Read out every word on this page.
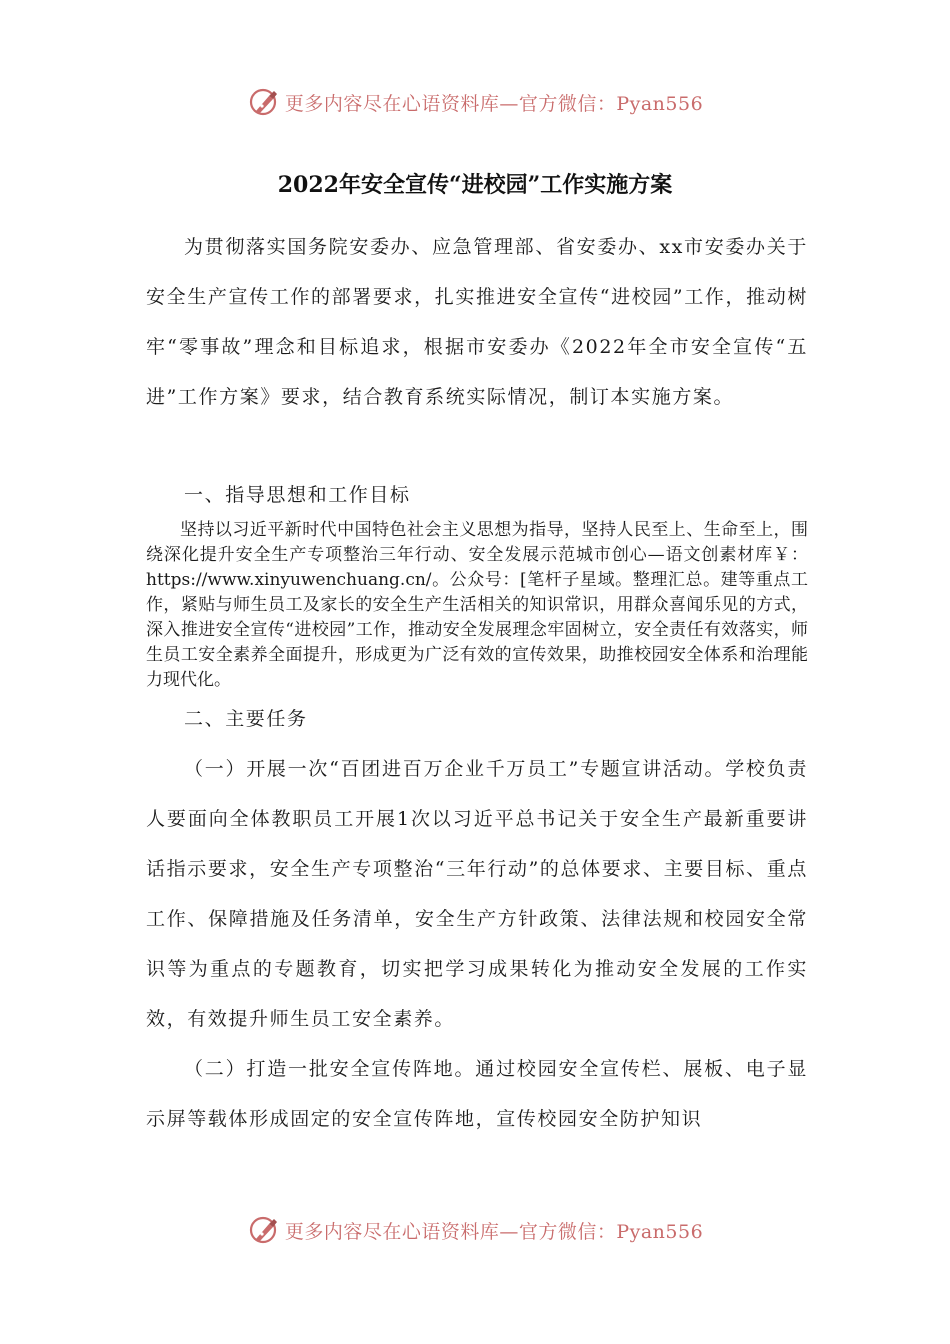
更多内容尽在心语资料库—官方微信：Pyan556
2022年安全宣传“进校园”工作实施方案

为贯彻落实国务院安委办、应急管理部、省安委办、xx市安委办关于安全生产宣传工作的部署要求，扎实推进安全宣传“进校园”工作，推动树牢“零事故”理念和目标追求，根据市安委办《2022年全市安全宣传“五进”工作方案》要求，结合教育系统实际情况，制订本实施方案。

一、指导思想和工作目标

坚持以习近平新时代中国特色社会主义思想为指导，坚持人民至上、生命至上，围绕深化提升安全生产专项整治三年行动、安全发展示范城市创心—语文创素材库￥：https://www.xinyuwenchuang.cn/。公众号：[笔杆子星域。整理汇总。建等重点工作，紧贴与师生员工及家长的安全生产生活相关的知识常识，用群众喜闻乐见的方式，深入推进安全宣传“进校园”工作，推动安全发展理念牢固树立，安全责任有效落实，师生员工安全素养全面提升，形成更为广泛有效的宣传效果，助推校园安全体系和治理能力现代化。

二、主要任务

（一）开展一次“百团进百万企业千万员工”专题宣讲活动。学校负责人要面向全体教职员工开展1次以习近平总书记关于安全生产最新重要讲话指示要求，安全生产专项整治“三年行动”的总体要求、主要目标、重点工作、保障措施及任务清单，安全生产方针政策、法律法规和校园安全常识等为重点的专题教育，切实把学习成果转化为推动安全发展的工作实效，有效提升师生员工安全素养。

（二）打造一批安全宣传阵地。通过校园安全宣传栏、展板、电子显示屏等载体形成固定的安全宣传阵地，宣传校园安全防护知识

更多内容尽在心语资料库—官方微信：Pyan556
